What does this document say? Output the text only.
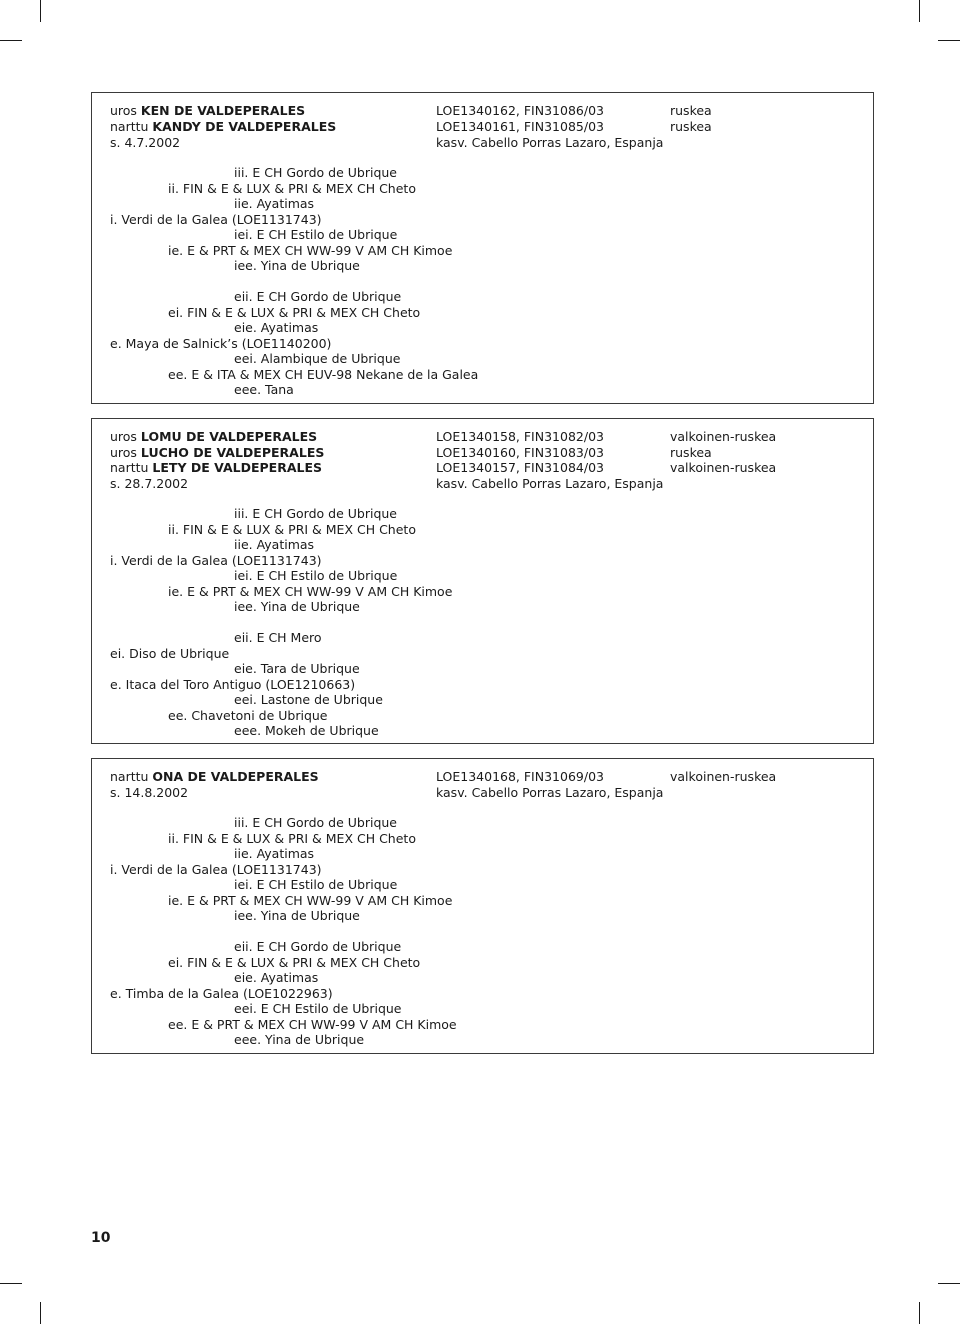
uros KEN DE VALDEPERALES	LOE1340162, FIN31086/03	ruskea
narttu KANDY DE VALDEPERALES	LOE1340161, FIN31085/03	ruskea
s. 4.7.2002	kasv. Cabello Porras Lazaro, Espanja
iii. E CH Gordo de Ubrique
ii. FIN & E & LUX & PRI & MEX CH Cheto
iie. Ayatimas
i. Verdi de la Galea (LOE1131743)
iei. E CH Estilo de Ubrique
ie. E & PRT & MEX CH WW-99 V AM CH Kimoe
iee. Yina de Ubrique
eii. E CH Gordo de Ubrique
ei. FIN & E & LUX & PRI & MEX CH Cheto
eie. Ayatimas
e. Maya de Salnick’s (LOE1140200)
eei. Alambique de Ubrique
ee. E & ITA & MEX CH EUV-98 Nekane de la Galea
eee. Tana
uros LOMU DE VALDEPERALES	LOE1340158, FIN31082/03	valkoinen-ruskea
uros LUCHO DE VALDEPERALES	LOE1340160, FIN31083/03	ruskea
narttu LETY DE VALDEPERALES	LOE1340157, FIN31084/03	valkoinen-ruskea
s. 28.7.2002	kasv. Cabello Porras Lazaro, Espanja
iii. E CH Gordo de Ubrique
ii. FIN & E & LUX & PRI & MEX CH Cheto
iie. Ayatimas
i. Verdi de la Galea (LOE1131743)
iei. E CH Estilo de Ubrique
ie. E & PRT & MEX CH WW-99 V AM CH Kimoe
iee. Yina de Ubrique
eii. E CH Mero
ei. Diso de Ubrique
eie. Tara de Ubrique
e. Itaca del Toro Antiguo (LOE1210663)
eei. Lastone de Ubrique
ee. Chavetoni de Ubrique
eee. Mokeh de Ubrique
narttu ONA DE VALDEPERALES	LOE1340168, FIN31069/03	valkoinen-ruskea
s. 14.8.2002	kasv. Cabello Porras Lazaro, Espanja
iii. E CH Gordo de Ubrique
ii. FIN & E & LUX & PRI & MEX CH Cheto
iie. Ayatimas
i. Verdi de la Galea (LOE1131743)
iei. E CH Estilo de Ubrique
ie. E & PRT & MEX CH WW-99 V AM CH Kimoe
iee. Yina de Ubrique
eii. E CH Gordo de Ubrique
ei. FIN & E & LUX & PRI & MEX CH Cheto
eie. Ayatimas
e. Timba de la Galea (LOE1022963)
eei. E CH Estilo de Ubrique
ee. E & PRT & MEX CH WW-99 V AM CH Kimoe
eee. Yina de Ubrique
10
